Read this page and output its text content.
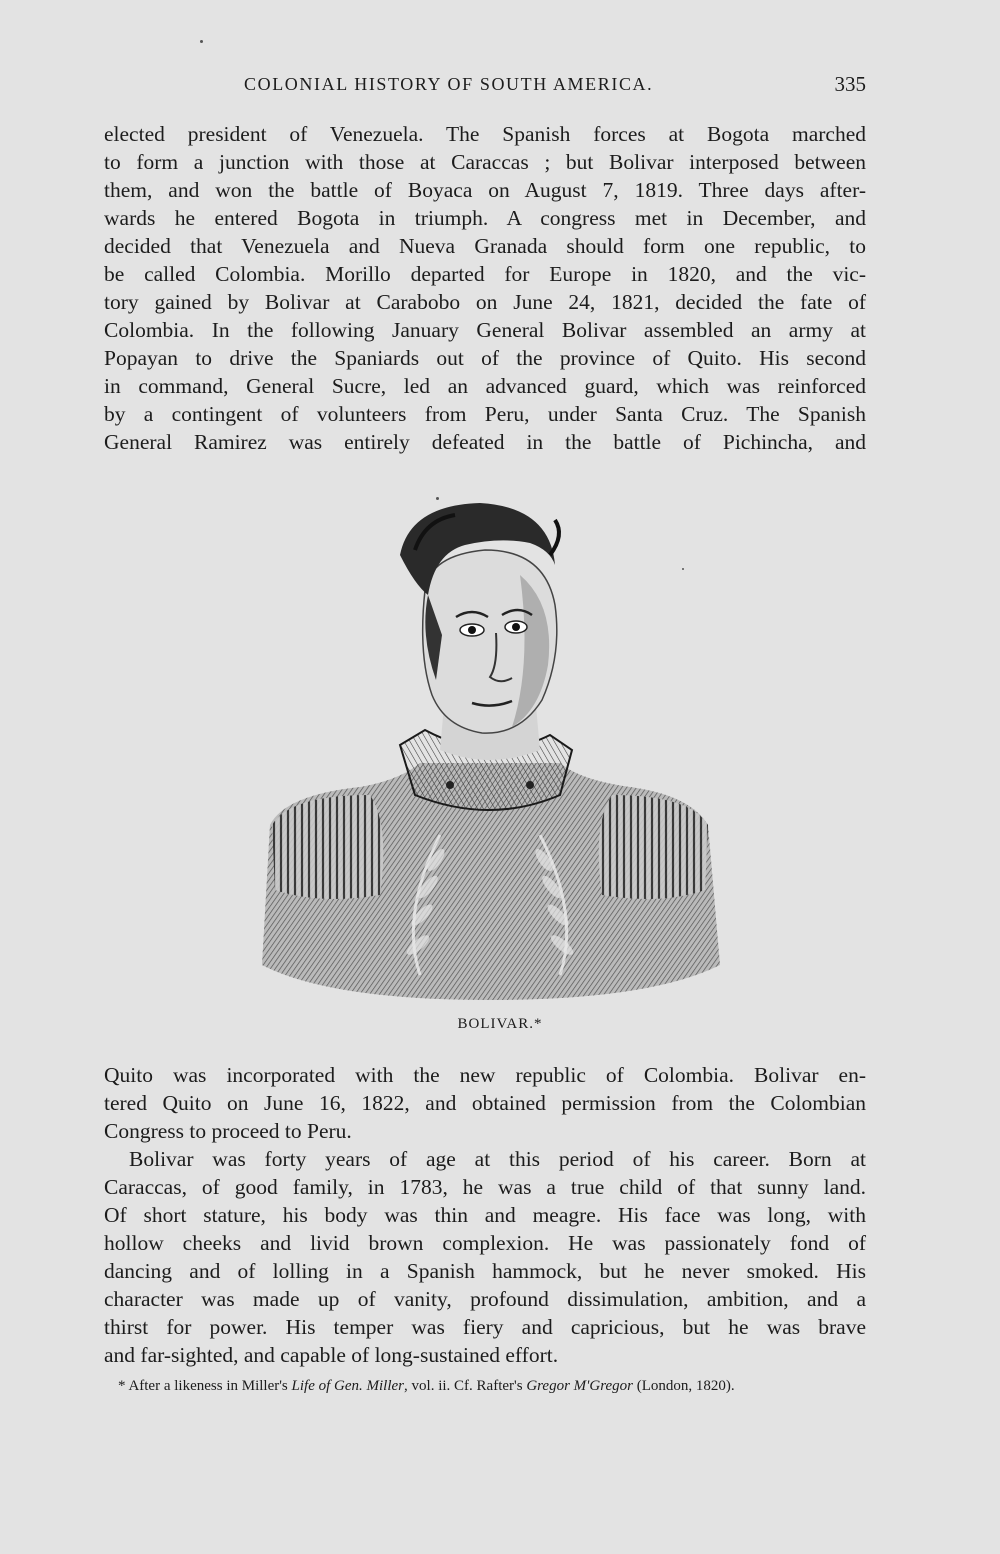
COLONIAL HISTORY OF SOUTH AMERICA.	335
elected president of Venezuela. The Spanish forces at Bogota marched
to form a junction with those at Caraccas ; but Bolivar interposed between
them, and won the battle of Boyaca on August 7, 1819. Three days after-
wards he entered Bogota in triumph. A congress met in December, and
decided that Venezuela and Nueva Granada should form one republic, to
be called Colombia. Morillo departed for Europe in 1820, and the vic-
tory gained by Bolivar at Carabobo on June 24, 1821, decided the fate of
Colombia. In the following January General Bolivar assembled an army at
Popayan to drive the Spaniards out of the province of Quito. His second
in command, General Sucre, led an advanced guard, which was reinforced
by a contingent of volunteers from Peru, under Santa Cruz. The Spanish
General Ramirez was entirely defeated in the battle of Pichincha, and
BOLIVAR.*
Quito was incorporated with the new republic of Colombia. Bolivar en-
tered Quito on June 16, 1822, and obtained permission from the Colombian
Congress to proceed to Peru.
Bolivar was forty years of age at this period of his career. Born at
Caraccas, of good family, in 1783, he was a true child of that sunny land.
Of short stature, his body was thin and meagre. His face was long, with
hollow cheeks and livid brown complexion. He was passionately fond of
dancing and of lolling in a Spanish hammock, but he never smoked. His
character was made up of vanity, profound dissimulation, ambition, and a
thirst for power. His temper was fiery and capricious, but he was brave
and far-sighted, and capable of long-sustained effort.
* After a likeness in Miller's Life of Gen. Miller, vol. ii. Cf. Rafter's Gregor M'Gregor (London, 1820).
